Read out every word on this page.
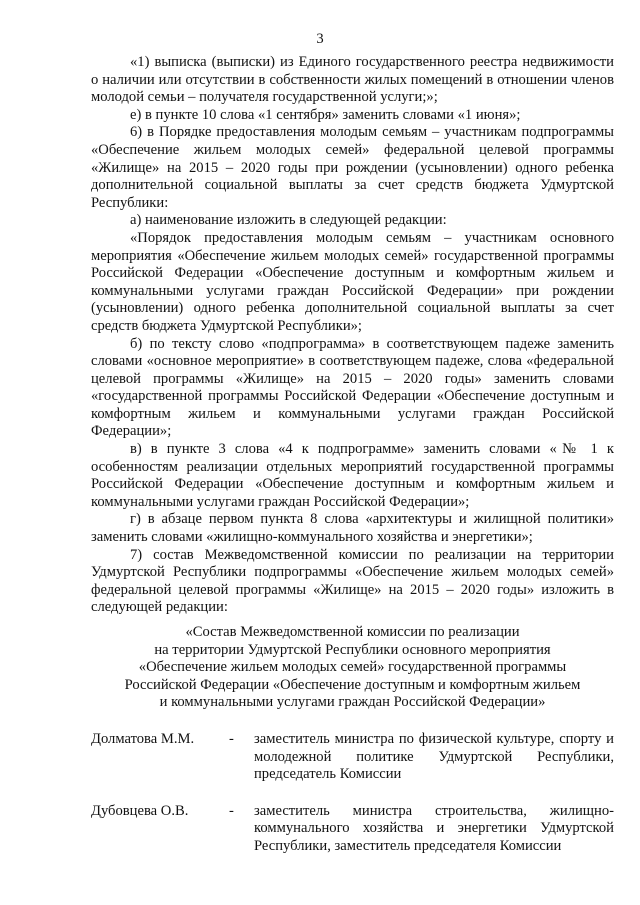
3

«1) выписка (выписки) из Единого государственного реестра недвижимости о наличии или отсутствии в собственности жилых помещений в отношении членов молодой семьи – получателя государственной услуги;»;

е) в пункте 10 слова «1 сентября» заменить словами «1 июня»;

6) в Порядке предоставления молодым семьям – участникам подпрограммы «Обеспечение жильем молодых семей» федеральной целевой программы «Жилище» на 2015 – 2020 годы при рождении (усыновлении) одного ребенка дополнительной социальной выплаты за счет средств бюджета Удмуртской Республики:

а) наименование изложить в следующей редакции:

«Порядок предоставления молодым семьям – участникам основного мероприятия «Обеспечение жильем молодых семей» государственной программы Российской Федерации «Обеспечение доступным и комфортным жильем и коммунальными услугами граждан Российской Федерации» при рождении (усыновлении) одного ребенка дополнительной социальной выплаты за счет средств бюджета Удмуртской Республики»;

б) по тексту слово «подпрограмма» в соответствующем падеже заменить словами «основное мероприятие» в соответствующем падеже, слова «федеральной целевой программы «Жилище» на 2015 – 2020 годы» заменить словами «государственной программы Российской Федерации «Обеспечение доступным и комфортным жильем и коммунальными услугами граждан Российской Федерации»;

в) в пункте 3 слова «4 к подпрограмме» заменить словами «№ 1 к особенностям реализации отдельных мероприятий государственной программы Российской Федерации «Обеспечение доступным и комфортным жильем и коммунальными услугами граждан Российской Федерации»;

г) в абзаце первом пункта 8 слова «архитектуры и жилищной политики» заменить словами «жилищно-коммунального хозяйства и энергетики»;

7) состав Межведомственной комиссии по реализации на территории Удмуртской Республики подпрограммы «Обеспечение жильем молодых семей» федеральной целевой программы «Жилище» на 2015 – 2020 годы» изложить в следующей редакции:

«Состав Межведомственной комиссии по реализации
на территории Удмуртской Республики основного мероприятия
«Обеспечение жильем молодых семей» государственной программы
Российской Федерации «Обеспечение доступным и комфортным жильем
и коммунальными услугами граждан Российской Федерации»
Долматова М.М.	-	заместитель министра по физической культуре, спорту и молодежной политике Удмуртской Республики, председатель Комиссии
Дубовцева О.В.	-	заместитель министра строительства, жилищно-коммунального хозяйства и энергетики Удмуртской Республики, заместитель председателя Комиссии
